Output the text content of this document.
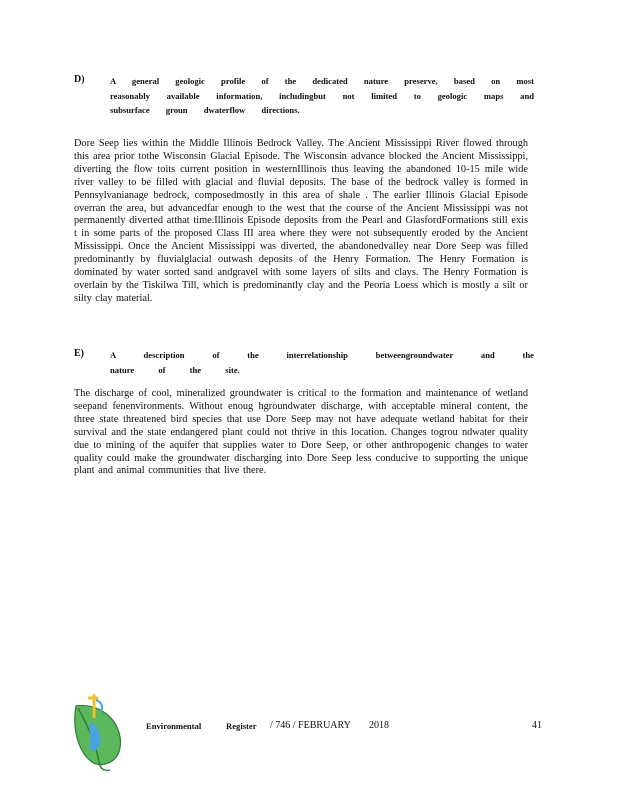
D)	A general geologic profile of the dedicated nature preserve, based on most reasonably available information, includingbut not limited to geologic maps and subsurface groun dwaterflow directions.
Dore Seep lies within the Middle Illinois Bedrock Valley. The Ancient Mississippi River flowed through this area prior tothe Wisconsin Glacial Episode. The Wisconsin advance blocked the Ancient Mississippi, diverting the flow toits current position in westernIllinois thus leaving the abandoned 10-15 mile wide river valley to be filled with glacial and fluvial deposits. The base of the bedrock valley is formed in Pennsylvanianage bedrock, composedmostly in this area of shale . The earlier Illinois Glacial Episode overran the area, but advancedfar enough to the west that the course of the Ancient Mississippi was not permanently diverted atthat time.Illinois Episode deposits from the Pearl and GlasfordFormations still exis t in some parts of the proposed Class III area where they were not subsequently eroded by the Ancient Mississippi. Once the Ancient Mississippi was diverted, the abandonedvalley near Dore Seep was filled predominantly by fluvialglacial outwash deposits of the Henry Formation. The Henry Formation is dominated by water sorted sand andgravel with some layers of silts and clays. The Henry Formation is overlain by the Tiskilwa Till, which is predominantly clay and the Peoria Loess which is mostly a silt or silty clay material.
E)	A description of the interrelationship betweengroundwater and the nature of the site.
The discharge of cool, mineralized groundwater is critical to the formation and maintenance of wetland seepand fenenvironments. Without enoug hgroundwater discharge, with acceptable mineral content, the three state threatened bird species that use Dore Seep may not have adequate wetland habitat for their survival and the state endangered plant could not thrive in this location. Changes togrou ndwater quality due to mining of the aquifer that supplies water to Dore Seep, or other anthropogenic changes to water quality could make the groundwater discharging into Dore Seep less conducive to supporting the unique plant and animal communities that live there.
Environmental	Register / 746 / FEBRUARY 2018	41
